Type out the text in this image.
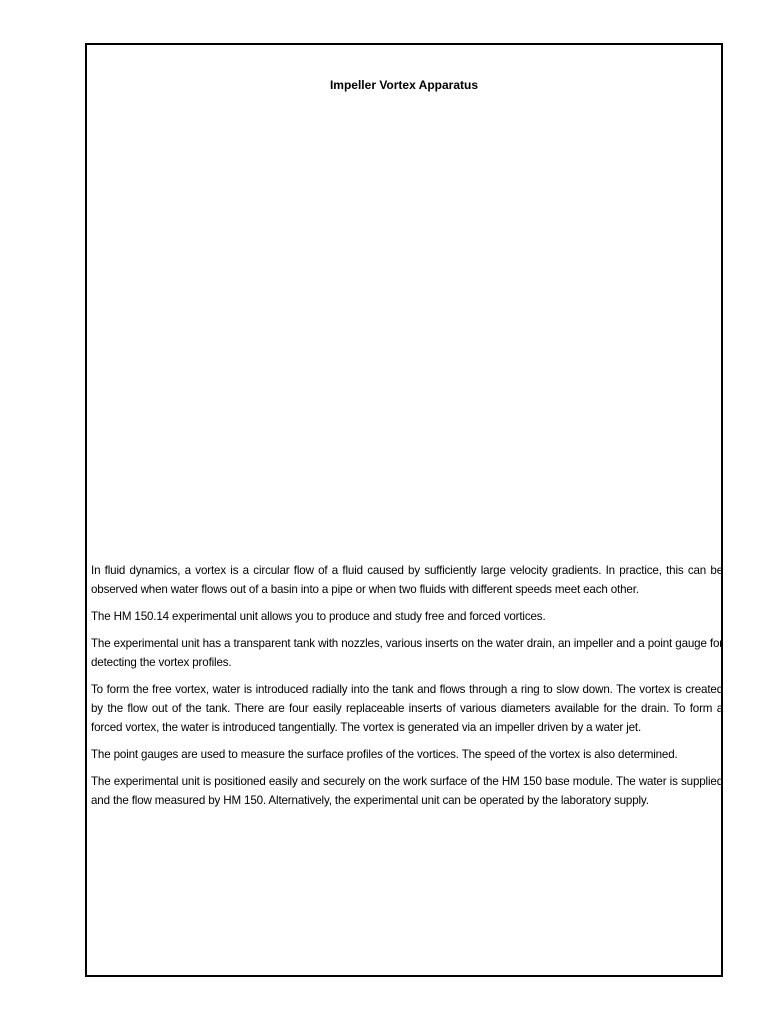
Impeller Vortex Apparatus

In fluid dynamics, a vortex is a circular flow of a fluid caused by sufficiently large velocity gradients. In practice, this can be observed when water flows out of a basin into a pipe or when two fluids with different speeds meet each other.

The HM 150.14 experimental unit allows you to produce and study free and forced vortices.

The experimental unit has a transparent tank with nozzles, various inserts on the water drain, an impeller and a point gauge for detecting the vortex profiles.

To form the free vortex, water is introduced radially into the tank and flows through a ring to slow down. The vortex is created by the flow out of the tank. There are four easily replaceable inserts of various diameters available for the drain. To form a forced vortex, the water is introduced tangentially. The vortex is generated via an impeller driven by a water jet.

The point gauges are used to measure the surface profiles of the vortices. The speed of the vortex is also determined.

The experimental unit is positioned easily and securely on the work surface of the HM 150 base module. The water is supplied and the flow measured by HM 150. Alternatively, the experimental unit can be operated by the laboratory supply.
